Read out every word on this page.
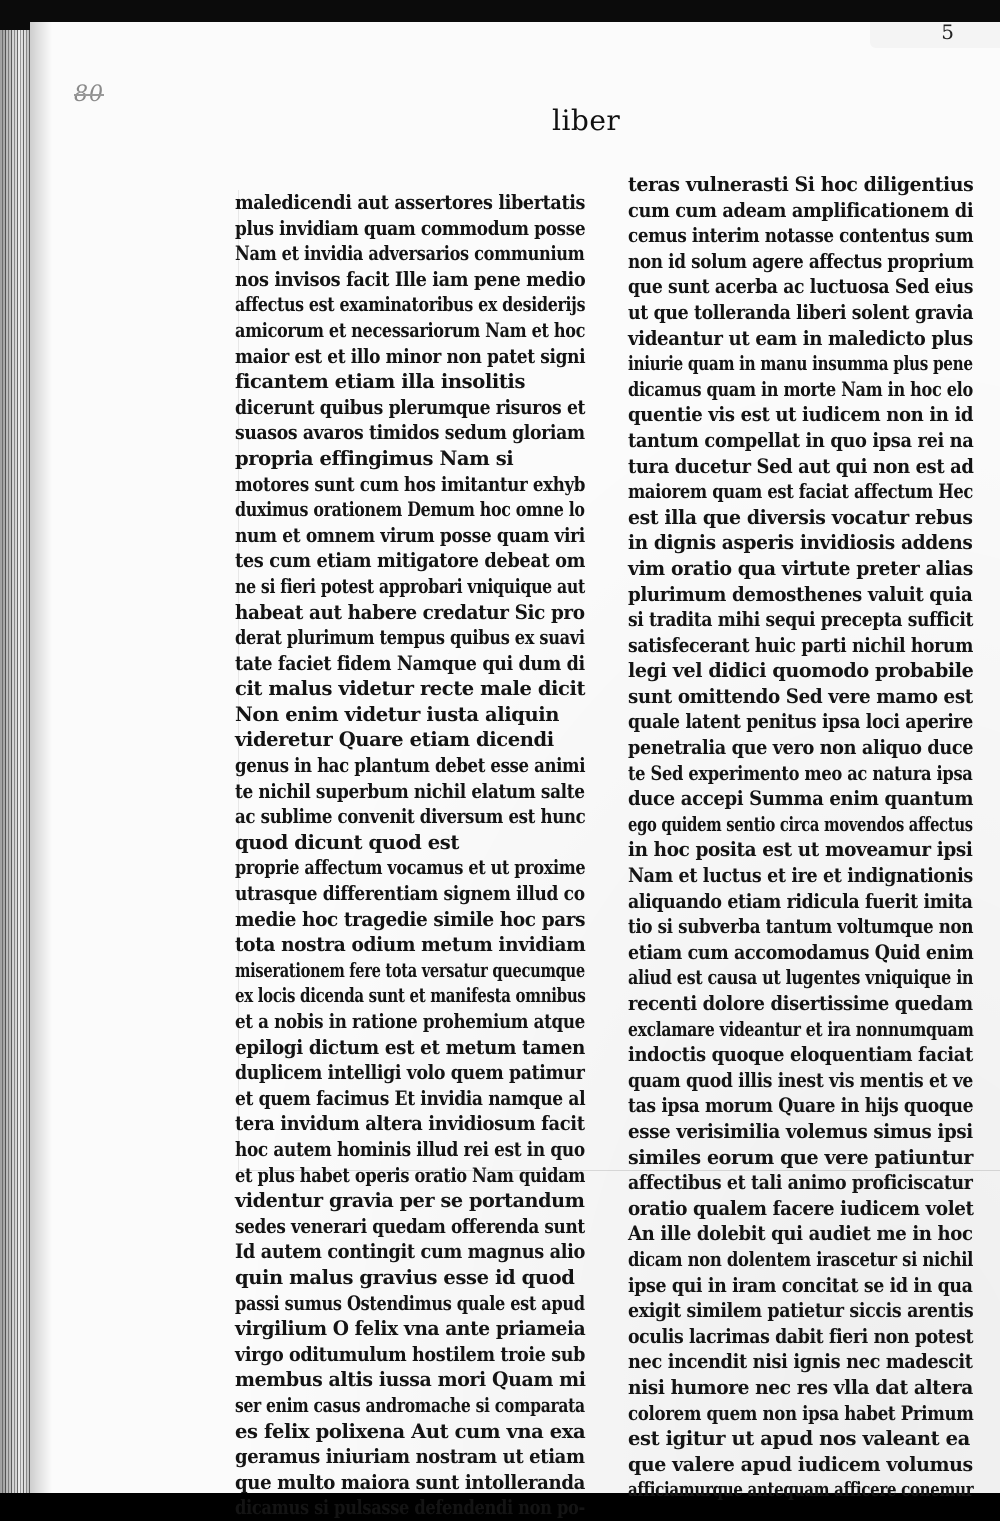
5
80
liber
maledicendi aut assertores libertatis
plus invidiam quam commodum posse
Nam et invidia adversarios communium
nos invisos facit Ille iam pene medio
affectus est examinatoribus ex desiderijs
amicorum et necessariorum Nam et hoc
maior est et illo minor non patet signi
ficantem etiam illa insolitis
dicerunt quibus plerumque risuros et
suasos avaros timidos sedum gloriam
propria effingimus Nam si
motores sunt cum hos imitantur exhyb
duximus orationem Demum hoc omne lo
num et omnem virum posse quam viri
tes cum etiam mitigatore debeat om
ne si fieri potest approbari vniquique aut
habeat aut habere credatur Sic pro
derat plurimum tempus quibus ex suavi
tate faciet fidem Namque qui dum di
cit malus videtur recte male dicit
Non enim videtur iusta aliquin
videretur Quare etiam dicendi
genus in hac plantum debet esse animi
te nichil superbum nichil elatum salte
ac sublime convenit diversum est hunc
quod dicunt quod est
proprie affectum vocamus et ut proxime
utrasque differentiam signem illud co
medie hoc tragedie simile hoc pars
tota nostra odium metum invidiam
miserationem fere tota versatur quecumque
ex locis dicenda sunt et manifesta omnibus
et a nobis in ratione prohemium atque
epilogi dictum est et metum tamen
duplicem intelligi volo quem patimur
et quem facimus Et invidia namque al
tera invidum altera invidiosum facit
hoc autem hominis illud rei est in quo
et plus habet operis oratio Nam quidam
videntur gravia per se portandum
sedes venerari quedam offerenda sunt
Id autem contingit cum magnus alio
quin malus gravius esse id quod
passi sumus Ostendimus quale est apud
virgilium O felix vna ante priameia
virgo oditumulum hostilem troie sub
membus altis iussa mori Quam mi
ser enim casus andromache si comparata
es felix polixena Aut cum vna exa
geramus iniuriam nostram ut etiam
que multo maiora sunt intolleranda
dicamus si pulsasse defendendi non po-
teras vulnerasti Si hoc diligentius
cum cum adeam amplificationem di
cemus interim notasse contentus sum
non id solum agere affectus proprium
que sunt acerba ac luctuosa Sed eius
ut que tolleranda liberi solent gravia
videantur ut eam in maledicto plus
iniurie quam in manu insumma plus pene
dicamus quam in morte Nam in hoc elo
quentie vis est ut iudicem non in id
tantum compellat in quo ipsa rei na
tura ducetur Sed aut qui non est ad
maiorem quam est faciat affectum Hec
est illa que diversis vocatur rebus
in dignis asperis invidiosis addens
vim oratio qua virtute preter alias
plurimum demosthenes valuit quia
si tradita mihi sequi precepta sufficit
satisfecerant huic parti nichil horum
legi vel didici quomodo probabile
sunt omittendo Sed vere mamo est
quale latent penitus ipsa loci aperire
penetralia que vero non aliquo duce
te Sed experimento meo ac natura ipsa
duce accepi Summa enim quantum
ego quidem sentio circa movendos affectus
in hoc posita est ut moveamur ipsi
Nam et luctus et ire et indignationis
aliquando etiam ridicula fuerit imita
tio si subverba tantum voltumque non
etiam cum accomodamus Quid enim
aliud est causa ut lugentes vniquique in
recenti dolore disertissime quedam
exclamare videantur et ira nonnumquam
indoctis quoque eloquentiam faciat
quam quod illis inest vis mentis et ve
tas ipsa morum Quare in hijs quoque
esse verisimilia volemus simus ipsi
similes eorum que vere patiuntur
affectibus et tali animo proficiscatur
oratio qualem facere iudicem volet
An ille dolebit qui audiet me in hoc
dicam non dolentem irascetur si nichil
ipse qui in iram concitat se id in qua
exigit similem patietur siccis arentis
oculis lacrimas dabit fieri non potest
nec incendit nisi ignis nec madescit
nisi humore nec res vlla dat altera
colorem quem non ipsa habet Primum
est igitur ut apud nos valeant ea
que valere apud iudicem volumus
afficiamurque antequam afficere conemur
